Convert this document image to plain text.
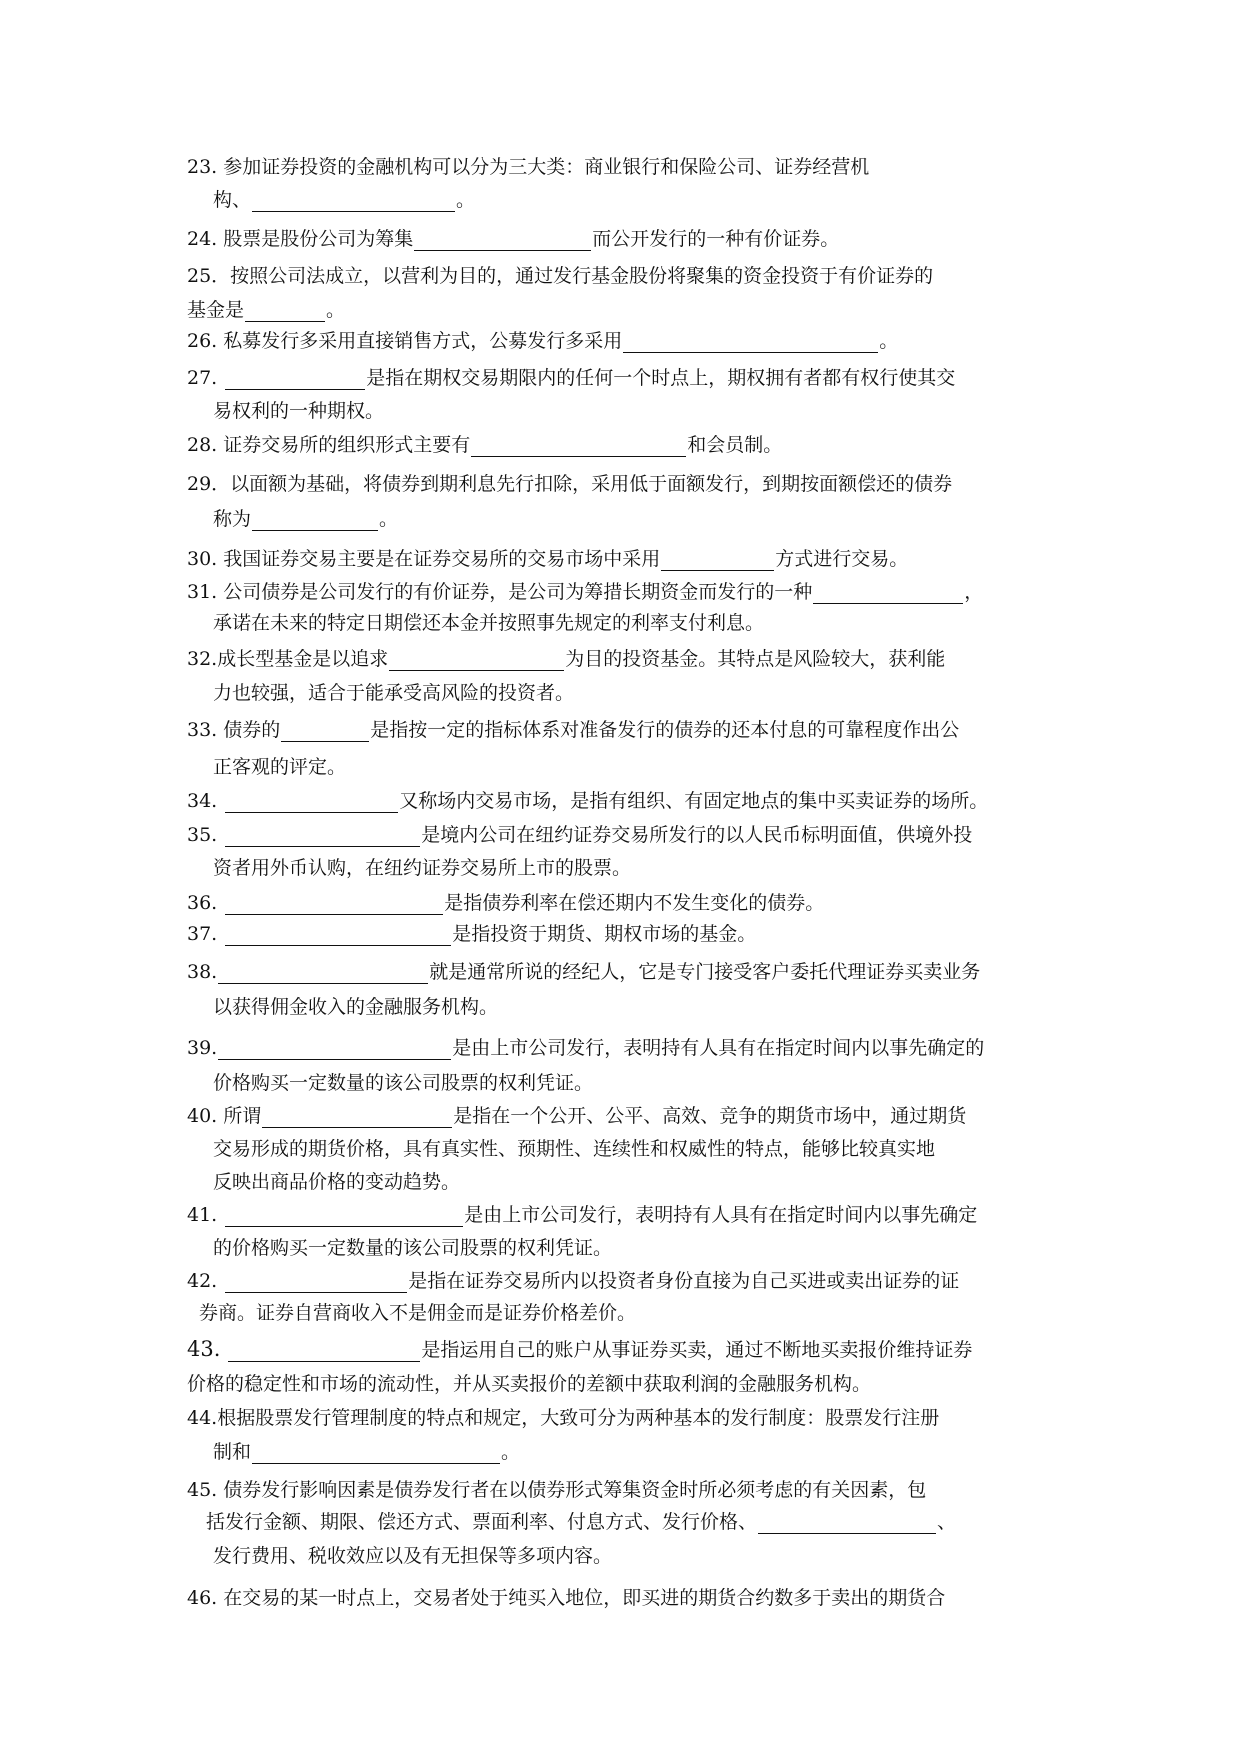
23. 参加证券投资的金融机构可以分为三大类：商业银行和保险公司、证券经营机
构、	。
24. 股票是股份公司为筹集	而公开发行的一种有价证券。
25．按照公司法成立，以营利为目的，通过发行基金股份将聚集的资金投资于有价证券的
基金是	。
26. 私募发行多采用直接销售方式，公募发行多采用	。
27.	是指在期权交易期限内的任何一个时点上，期权拥有者都有权行使其交
易权利的一种期权。
28. 证券交易所的组织形式主要有	和会员制。
29．以面额为基础，将债券到期利息先行扣除，采用低于面额发行，到期按面额偿还的债券
称为	。
30. 我国证券交易主要是在证券交易所的交易市场中采用	方式进行交易。
31. 公司债券是公司发行的有价证券，是公司为筹措长期资金而发行的一种	，
承诺在未来的特定日期偿还本金并按照事先规定的利率支付利息。
32.成长型基金是以追求	为目的投资基金。其特点是风险较大，获利能
力也较强，适合于能承受高风险的投资者。
33. 债券的	是指按一定的指标体系对准备发行的债券的还本付息的可靠程度作出公
正客观的评定。
34.	又称场内交易市场，是指有组织、有固定地点的集中买卖证券的场所。
35.	是境内公司在纽约证券交易所发行的以人民币标明面值，供境外投
资者用外币认购，在纽约证券交易所上市的股票。
36.	是指债券利率在偿还期内不发生变化的债券。
37.	是指投资于期货、期权市场的基金。
38.	就是通常所说的经纪人，它是专门接受客户委托代理证券买卖业务
以获得佣金收入的金融服务机构。
39.	是由上市公司发行，表明持有人具有在指定时间内以事先确定的
价格购买一定数量的该公司股票的权利凭证。
40. 所谓	是指在一个公开、公平、高效、竞争的期货市场中，通过期货
交易形成的期货价格，具有真实性、预期性、连续性和权威性的特点，能够比较真实地
反映出商品价格的变动趋势。
41.	是由上市公司发行，表明持有人具有在指定时间内以事先确定
的价格购买一定数量的该公司股票的权利凭证。
42.	是指在证券交易所内以投资者身份直接为自己买进或卖出证券的证
券商。证券自营商收入不是佣金而是证券价格差价。
43.	是指运用自己的账户从事证券买卖，通过不断地买卖报价维持证券
价格的稳定性和市场的流动性，并从买卖报价的差额中获取利润的金融服务机构。
44.根据股票发行管理制度的特点和规定，大致可分为两种基本的发行制度：股票发行注册
制和	。
45. 债券发行影响因素是债券发行者在以债券形式筹集资金时所必须考虑的有关因素，包
括发行金额、期限、偿还方式、票面利率、付息方式、发行价格、	、
发行费用、税收效应以及有无担保等多项内容。
46. 在交易的某一时点上，交易者处于纯买入地位，即买进的期货合约数多于卖出的期货合
